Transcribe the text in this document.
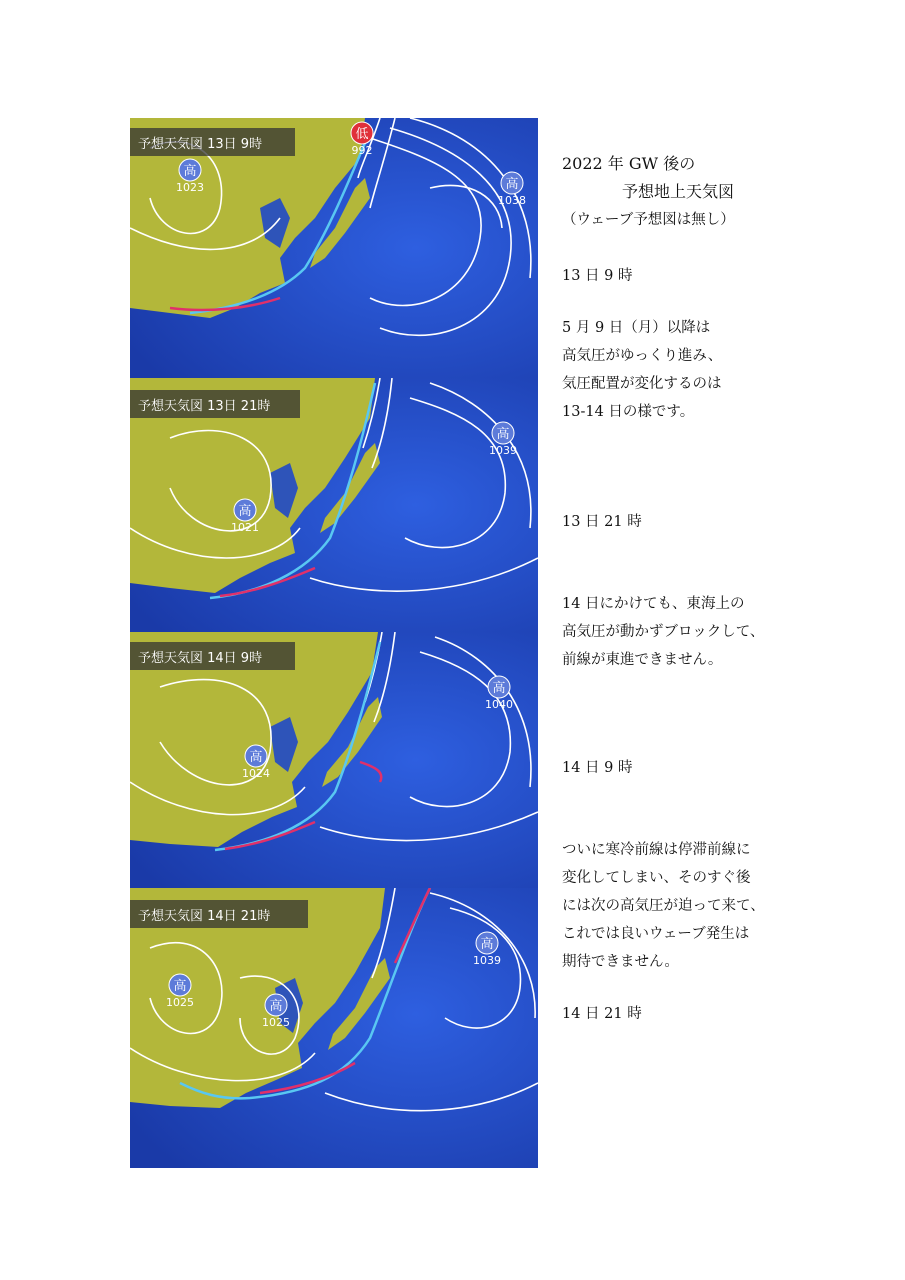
予想天気図 13日 9時
高
1023	高
1038
低
992
予想天気図 13日 21時
高
1039
高
1021
予想天気図 14日 9時
高
1040
高
1024
予想天気図 14日 21時
高
1039
高
1025	高
1025
2022 年 GW 後の
予想地上天気図
（ウェーブ予想図は無し）
13 日 9 時
5 月 9 日（月）以降は
高気圧がゆっくり進み、
気圧配置が変化するのは
13-14 日の様です。
13 日 21 時
14 日にかけても、東海上の
高気圧が動かずブロックして、
前線が東進できません。
14 日 9 時
ついに寒冷前線は停滞前線に
変化してしまい、そのすぐ後
には次の高気圧が迫って来て、
これでは良いウェーブ発生は
期待できません。
14 日 21 時
